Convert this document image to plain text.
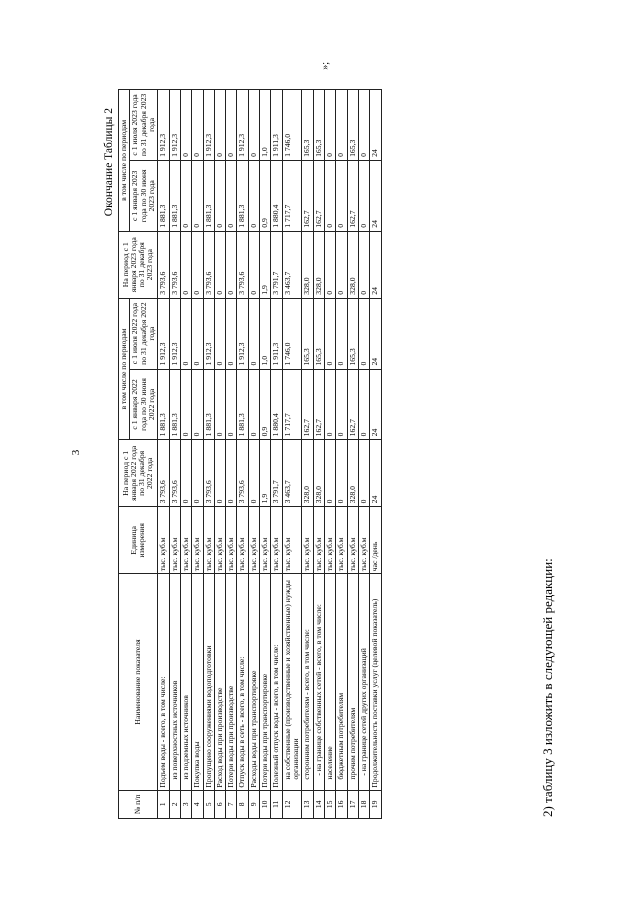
3
Окончание Таблицы 2
№ п/п	Наименование показателя	Единица измерения	На период с 1 января 2022 года по 31 декабря 2022 года	в том числе по периодам		На период с 1 января 2023 года по 31 декабря 2023 года	в том числе по периодам	
				с 1 января 2022 года по 30 июня 2022 года	с 1 июля 2022 года по 31 декабря 2022 года		с 1 января 2023 года по 30 июня 2023 года	с 1 июля 2023 года по 31 декабря 2023 года
1	Подъем воды - всего, в том числе:	тыс. куб.м	3 793,6	1 881,3	1 912,3	3 793,6	1 881,3	1 912,3
2	из поверхностных источников	тыс. куб.м	3 793,6	1 881,3	1 912,3	3 793,6	1 881,3	1 912,3
3	из подземных источников	тыс. куб.м	0	0	0	0	0	0
4	Покупка воды	тыс. куб.м	0	0	0	0	0	0
5	Пропущено сооружениями водоподготовки	тыс. куб.м	3 793,6	1 881,3	1 912,3	3 793,6	1 881,3	1 912,3
6	Расход воды при производстве	тыс. куб.м	0	0	0	0	0	0
7	Потери воды при производстве	тыс. куб.м	0	0	0	0	0	0
8	Отпуск воды в сеть - всего, в том числе:	тыс. куб.м	3 793,6	1 881,3	1 912,3	3 793,6	1 881,3	1 912,3
9	Расходы воды при транспортировке	тыс. куб.м	0	0	0	0	0	0
10	Потери воды при транспортировке	тыс. куб.м	1,9	0,9	1,0	1,9	0,9	1,0
11	Полезный отпуск воды - всего, в том числе:	тыс. куб.м	3 791,7	1 880,4	1 911,3	3 791,7	1 880,4	1 911,3
12	на собственные (производственные и хозяйственные) нужды организации	тыс. куб.м	3 463,7	1 717,7	1 746,0	3 463,7	1 717,7	1 746,0
13	сторонним потребителям - всего, в том числе:	тыс. куб.м	328,0	162,7	165,3	328,0	162,7	165,3
14	- на границе собственных сетей - всего, в том числе:	тыс. куб.м	328,0	162,7	165,3	328,0	162,7	165,3
15	население	тыс. куб.м	0	0	0	0	0	0
16	бюджетным потребителям	тыс. куб.м	0	0	0	0	0	0
17	прочим потребителям	тыс. куб.м	328,0	162,7	165,3	328,0	162,7	165,3
18	- на границе сетей других организаций	тыс. куб.м	0	0	0	0	0	0
19	Продолжительность поставки услуг (целевой показатель)	час /день	24	24	24	24	24	24
»;
2) таблицу 3 изложить в следующей редакции:
